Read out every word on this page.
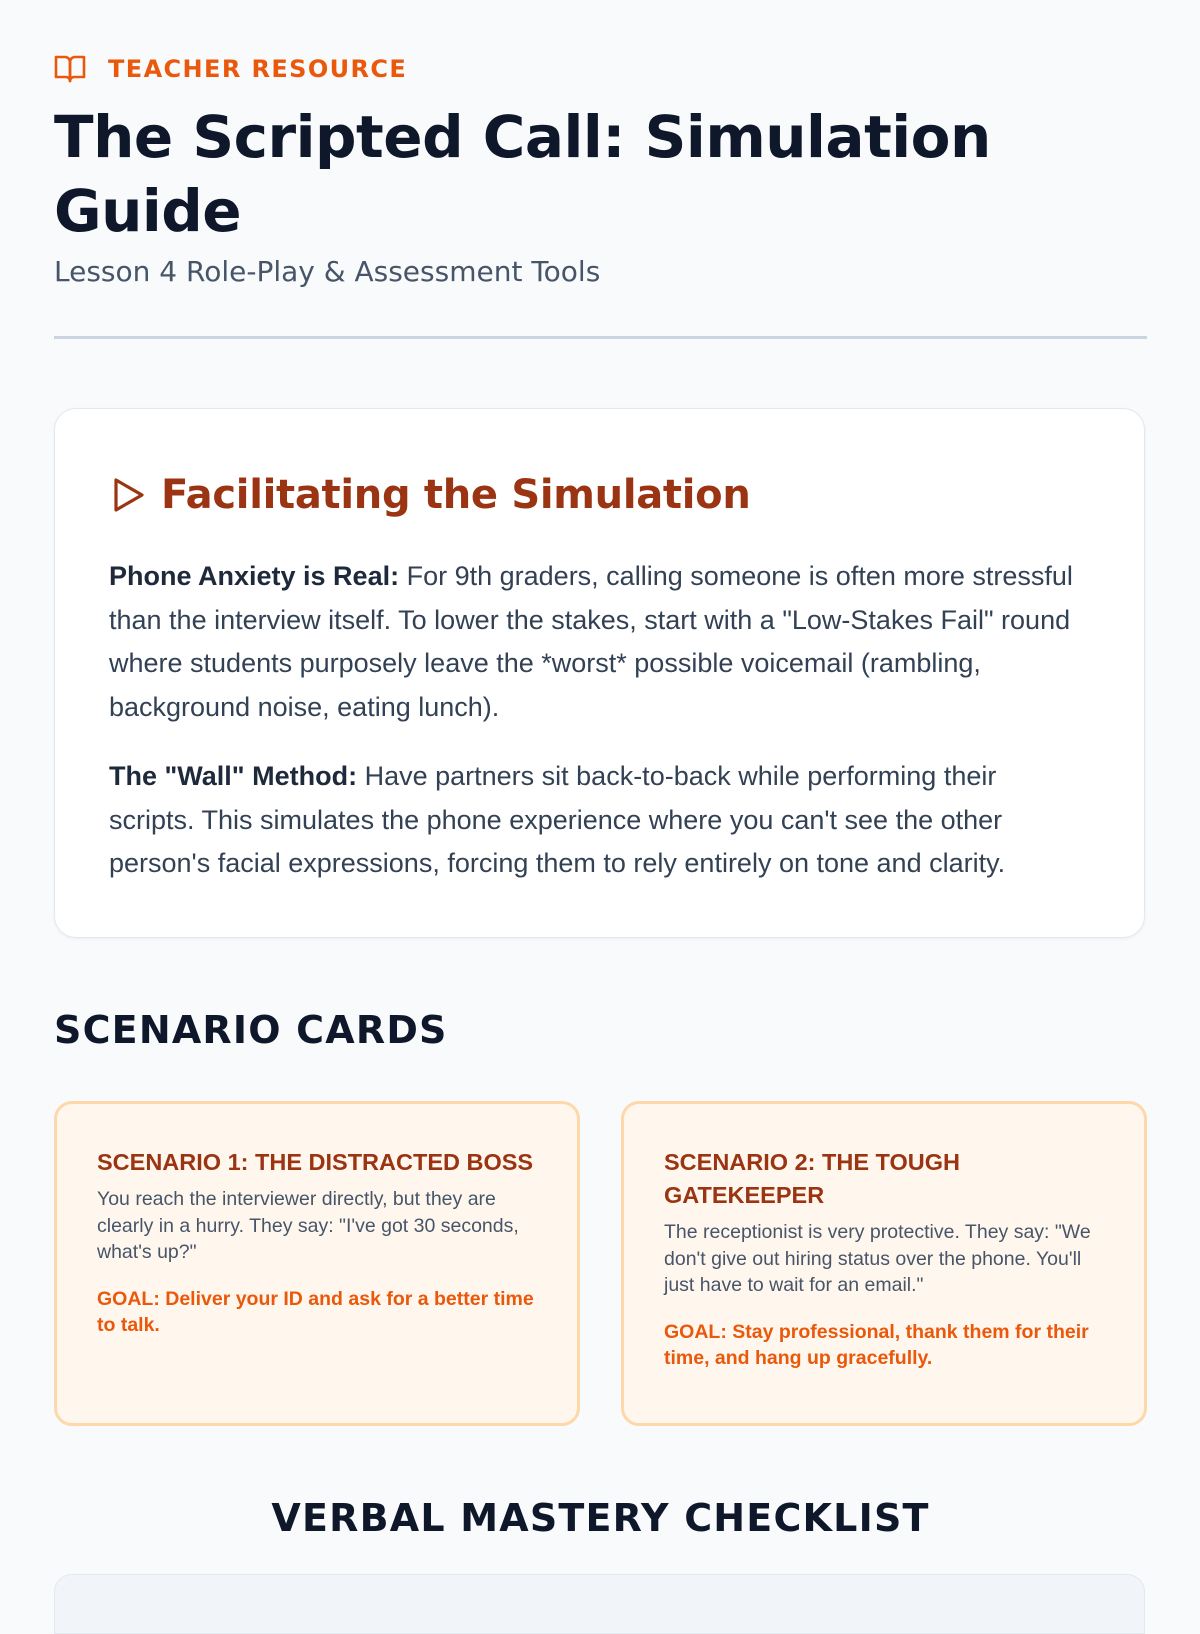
TEACHER RESOURCE
The Scripted Call: Simulation Guide
Lesson 4 Role-Play & Assessment Tools
Facilitating the Simulation

Phone Anxiety is Real: For 9th graders, calling someone is often more stressful than the interview itself. To lower the stakes, start with a "Low-Stakes Fail" round where students purposely leave the *worst* possible voicemail (rambling, background noise, eating lunch).

The "Wall" Method: Have partners sit back-to-back while performing their scripts. This simulates the phone experience where you can't see the other person's facial expressions, forcing them to rely entirely on tone and clarity.

SCENARIO CARDS

SCENARIO 1: THE DISTRACTED BOSS

You reach the interviewer directly, but they are clearly in a hurry. They say: "I've got 30 seconds, what's up?"

GOAL: Deliver your ID and ask for a better time to talk.

SCENARIO 2: THE TOUGH GATEKEEPER

The receptionist is very protective. They say: "We don't give out hiring status over the phone. You'll just have to wait for an email."

GOAL: Stay professional, thank them for their time, and hang up gracefully.

VERBAL MASTERY CHECKLIST
